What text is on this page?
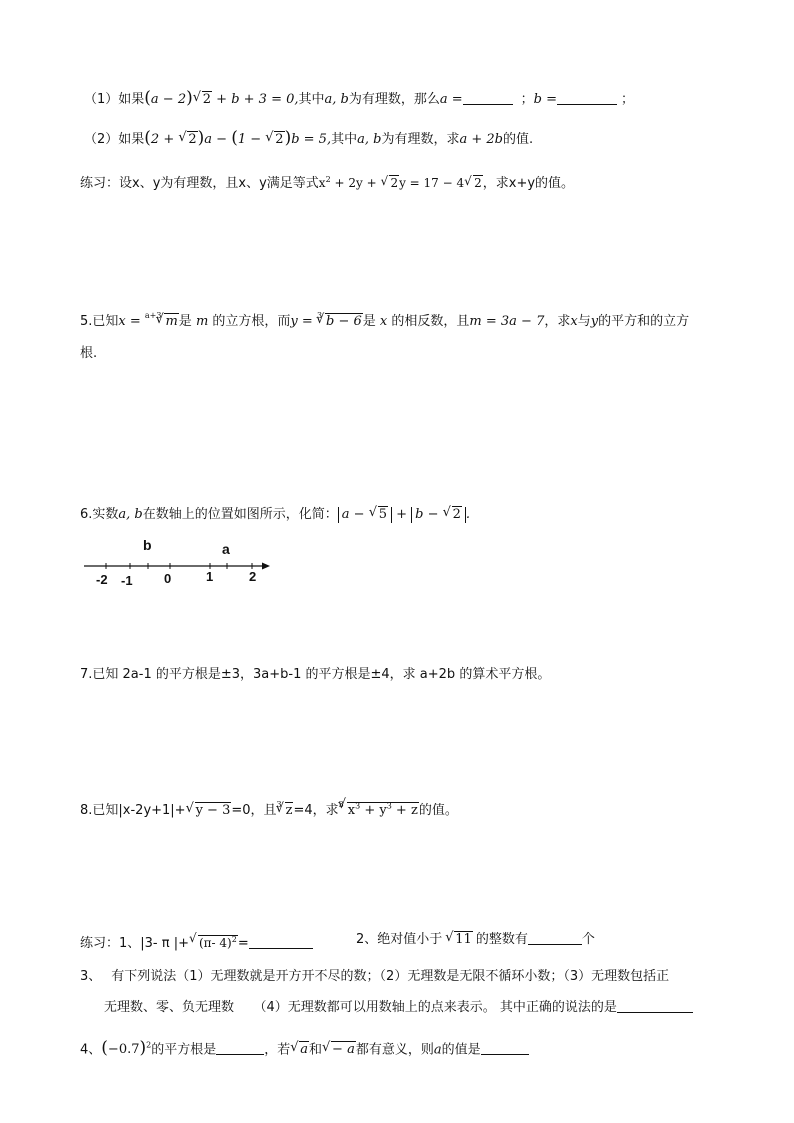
（1）如果(a − 2) √ 2 + b + 3 = 0,其中a, b为有理数，那么a =	；b =	；
（2）如果(2 + √ 2)a − (1 − √ 2)b = 5,其中a, b为有理数，求a + 2b的值.
练习：设x、y为有理数，且x、y满足等式$x^2 + 2y$ + √ 2y = 17 − 4 √ 2，求x+y的值。
5.已知x = $^{a+3}$ √ m是 m 的立方根，而y = $^3$ √ b − 6是 x 的相反数，且m = 3a − 7，求x与y的平方和的立方
根.
6.实数a, b在数轴上的位置如图所示，化简： a − √ 5 + b − √ 2 .
b	a
-2 -1 0	1	2
7.已知 2a-1 的平方根是±3，3a+b-1 的平方根是±4，求 a+2b 的算术平方根。
8.已知|x-2y+1|+ √ y − 3=0，且$^3$ √ z=4，求$^3$ √ $x^3 + y^3 + z$的值。
练习：1、|3- π |+ √ (π- 4)$^2$=	2、绝对值小于 √ 11 的整数有	个
3、 有下列说法（1）无理数就是开方开不尽的数；（2）无理数是无限不循环小数；（3）无理数包括正
无理数、零、负无理数　　（4）无理数都可以用数轴上的点来表示。 其中正确的说法的是
4、$(-0.7)^2$的平方根是	，若 √ a和 √ − a都有意义，则a的值是
